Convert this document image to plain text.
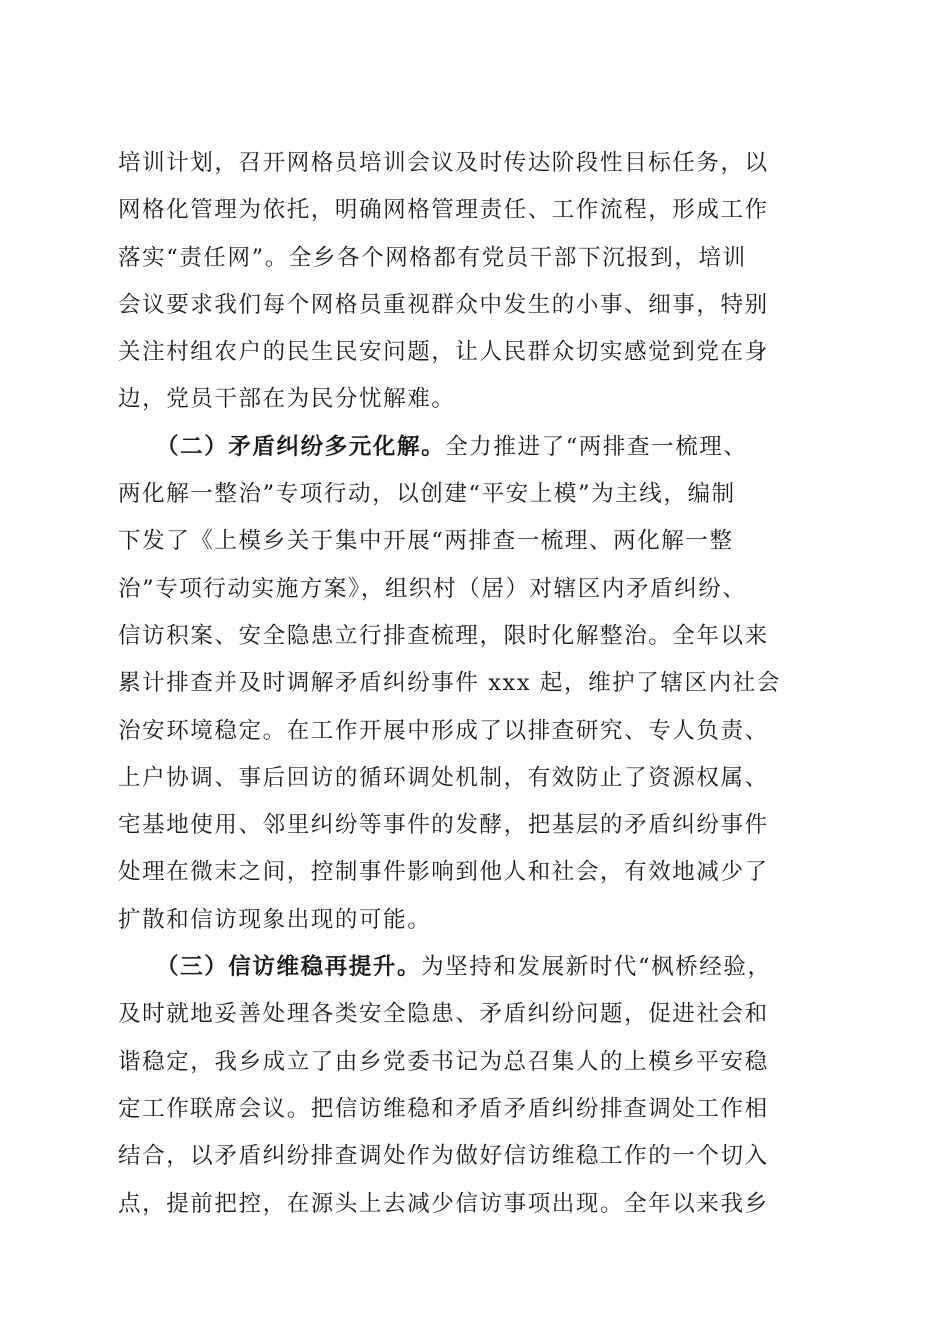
培训计划，召开网格员培训会议及时传达阶段性目标任务，以
网格化管理为依托，明确网格管理责任、工作流程，形成工作
落实“责任网”。全乡各个网格都有党员干部下沉报到，培训
会议要求我们每个网格员重视群众中发生的小事、细事，特别
关注村组农户的民生民安问题，让人民群众切实感觉到党在身
边，党员干部在为民分忧解难。
（二）矛盾纠纷多元化解。全力推进了“两排查一梳理、
两化解一整治”专项行动，以创建“平安上模”为主线，编制
下发了《上模乡关于集中开展“两排查一梳理、两化解一整
治”专项行动实施方案》，组织村（居）对辖区内矛盾纠纷、
信访积案、安全隐患立行排查梳理，限时化解整治。全年以来
累计排查并及时调解矛盾纠纷事件 xxx 起，维护了辖区内社会
治安环境稳定。在工作开展中形成了以排查研究、专人负责、
上户协调、事后回访的循环调处机制，有效防止了资源权属、
宅基地使用、邻里纠纷等事件的发酵，把基层的矛盾纠纷事件
处理在微末之间，控制事件影响到他人和社会，有效地减少了
扩散和信访现象出现的可能。
（三）信访维稳再提升。为坚持和发展新时代“枫桥经验，
及时就地妥善处理各类安全隐患、矛盾纠纷问题，促进社会和
谐稳定，我乡成立了由乡党委书记为总召集人的上模乡平安稳
定工作联席会议。把信访维稳和矛盾矛盾纠纷排查调处工作相
结合，以矛盾纠纷排查调处作为做好信访维稳工作的一个切入
点，提前把控，在源头上去减少信访事项出现。全年以来我乡
